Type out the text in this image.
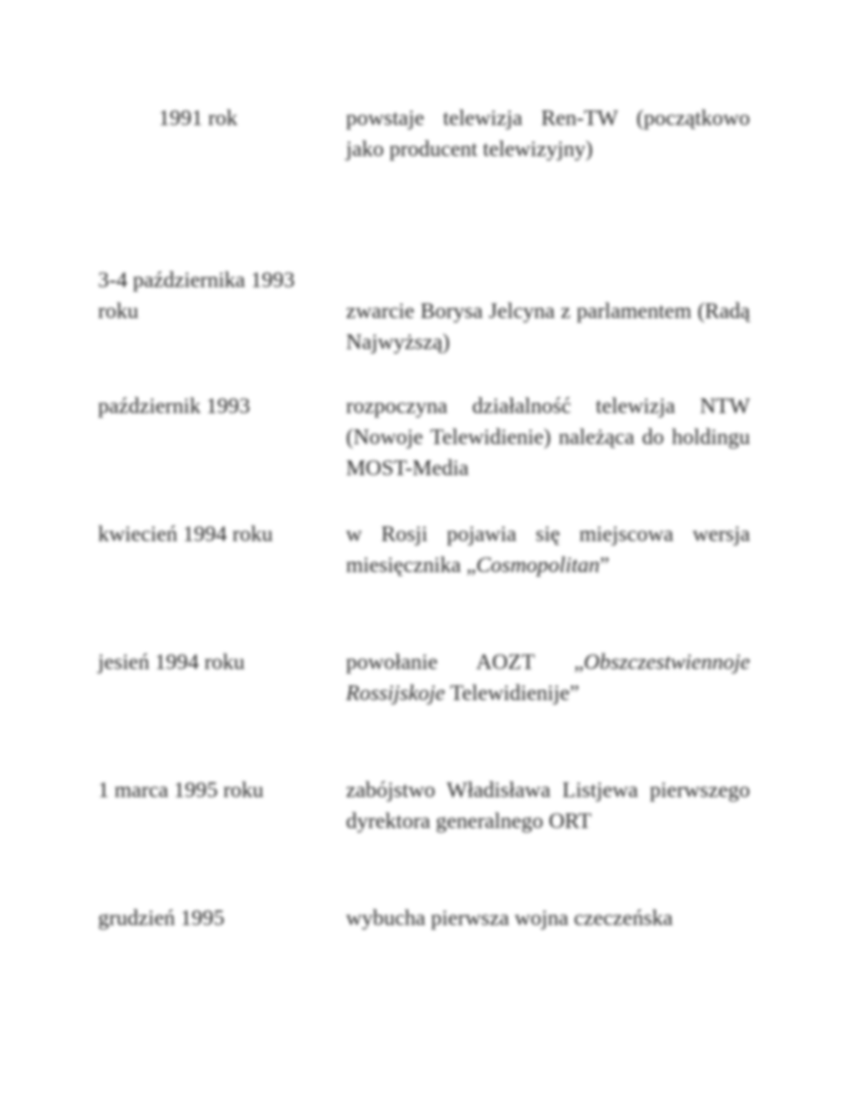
1991 rok	powstaje telewizja Ren-TW (początkowo jako producent telewizyjny)
3-4 października 1993 roku	zwarcie Borysa Jelcyna z parlamentem (Radą Najwyższą)
październik 1993	rozpoczyna działalność telewizja NTW (Nowoje Telewidienie) należąca do holdingu MOST-Media
kwiecień 1994 roku	w Rosji pojawia się miejscowa wersja miesięcznika „Cosmopolitan”
jesień 1994 roku	powołanie AOZT „Obszczestwiennoje Rossijskoje Telewidienije”
1 marca 1995 roku	zabójstwo Władisława Listjewa pierwszego dyrektora generalnego ORT
grudzień 1995	wybucha pierwsza wojna czeczeńska
